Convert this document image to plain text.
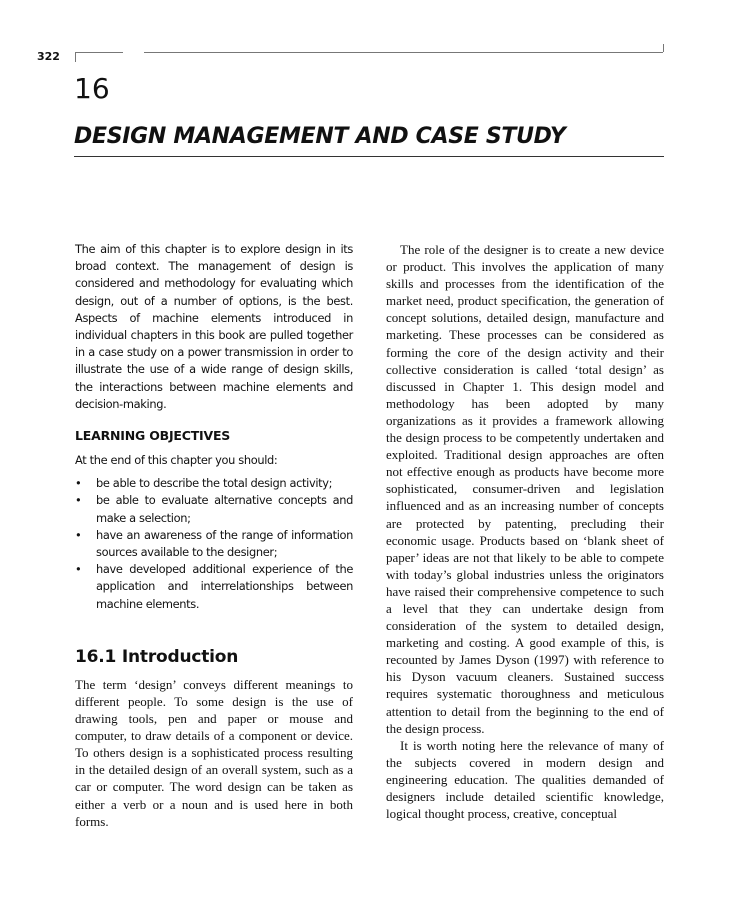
322
16
DESIGN MANAGEMENT AND CASE STUDY

The aim of this chapter is to explore design in its broad context. The management of design is considered and methodology for evaluating which design, out of a number of options, is the best. Aspects of machine elements introduced in individual chapters in this book are pulled together in a case study on a power transmission in order to illustrate the use of a wide range of design skills, the interactions between machine elements and decision-making.

LEARNING OBJECTIVES

At the end of this chapter you should:

• be able to describe the total design activity;
• be able to evaluate alternative concepts and make a selection;
• have an awareness of the range of information sources available to the designer;
• have developed additional experience of the application and interrelationships between machine elements.
16.1 Introduction

The term ‘design’ conveys different meanings to different people. To some design is the use of drawing tools, pen and paper or mouse and computer, to draw details of a component or device. To others design is a sophisticated process resulting in the detailed design of an overall system, such as a car or computer. The word design can be taken as either a verb or a noun and is used here in both forms.

The role of the designer is to create a new device or product. This involves the application of many skills and processes from the identification of the market need, product specification, the generation of concept solutions, detailed design, manufacture and marketing. These processes can be considered as forming the core of the design activity and their collective consideration is called ‘total design’ as discussed in Chapter 1. This design model and methodology has been adopted by many organizations as it provides a framework allowing the design process to be competently undertaken and exploited. Traditional design approaches are often not effective enough as products have become more sophisticated, consumer-driven and legislation influenced and as an increasing number of concepts are protected by patenting, precluding their economic usage. Products based on ‘blank sheet of paper’ ideas are not that likely to be able to compete with today’s global industries unless the originators have raised their comprehensive competence to such a level that they can undertake design from consideration of the system to detailed design, marketing and costing. A good example of this, is recounted by James Dyson (1997) with reference to his Dyson vacuum cleaners. Sustained success requires systematic thoroughness and meticulous attention to detail from the beginning to the end of the design process.

It is worth noting here the relevance of many of the subjects covered in modern design and engineering education. The qualities demanded of designers include detailed scientific knowledge, logical thought process, creative, conceptual
